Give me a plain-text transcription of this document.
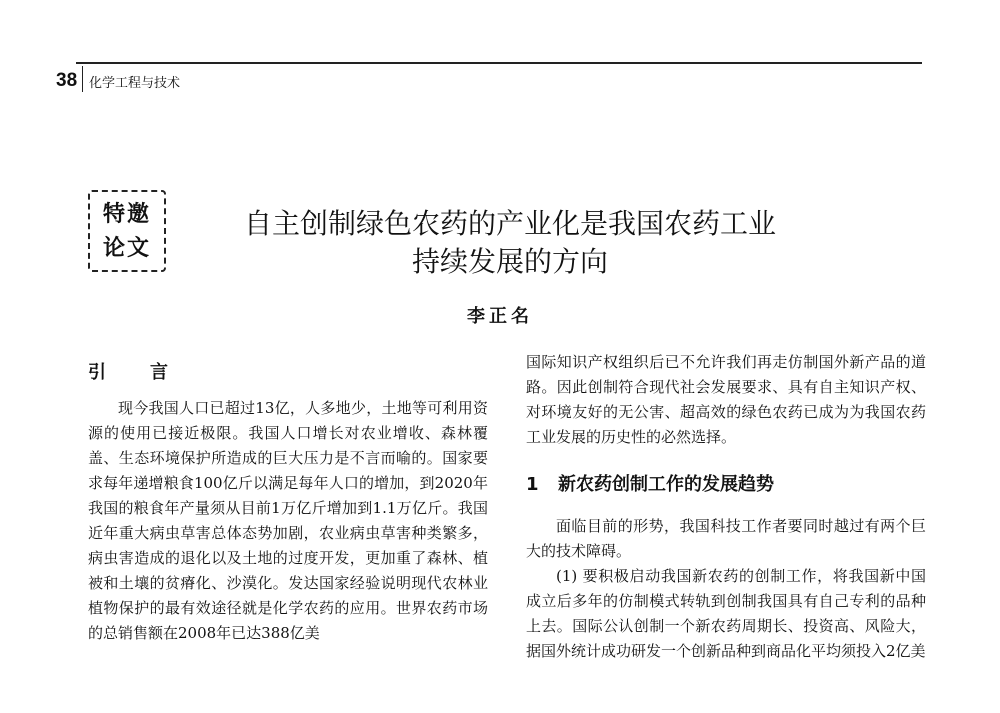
38 化学工程与技术
特邀
论文
自主创制绿色农药的产业化是我国农药工业
持续发展的方向
李正名
引言

现今我国人口已超过13亿，人多地少，土地等可利用资源的使用已接近极限。我国人口增长对农业增收、森林覆盖、生态环境保护所造成的巨大压力是不言而喻的。国家要求每年递增粮食100亿斤以满足每年人口的增加，到2020年我国的粮食年产量须从目前1万亿斤增加到1.1万亿斤。我国近年重大病虫草害总体态势加剧，农业病虫草害种类繁多，病虫害造成的退化以及土地的过度开发，更加重了森林、植被和土壤的贫瘠化、沙漠化。发达国家经验说明现代农林业植物保护的最有效途径就是化学农药的应用。世界农药市场的总销售额在2008年已达388亿美

国际知识产权组织后已不允许我们再走仿制国外新产品的道路。因此创制符合现代社会发展要求、具有自主知识产权、对环境友好的无公害、超高效的绿色农药已成为为我国农药工业发展的历史性的必然选择。

1 新农药创制工作的发展趋势

面临目前的形势，我国科技工作者要同时越过有两个巨大的技术障碍。

(1) 要积极启动我国新农药的创制工作，将我国新中国成立后多年的仿制模式转轨到创制我国具有自己专利的品种上去。国际公认创制一个新农药周期长、投资高、风险大，据国外统计成功研发一个创新品种到商品化平均须投入2亿美
